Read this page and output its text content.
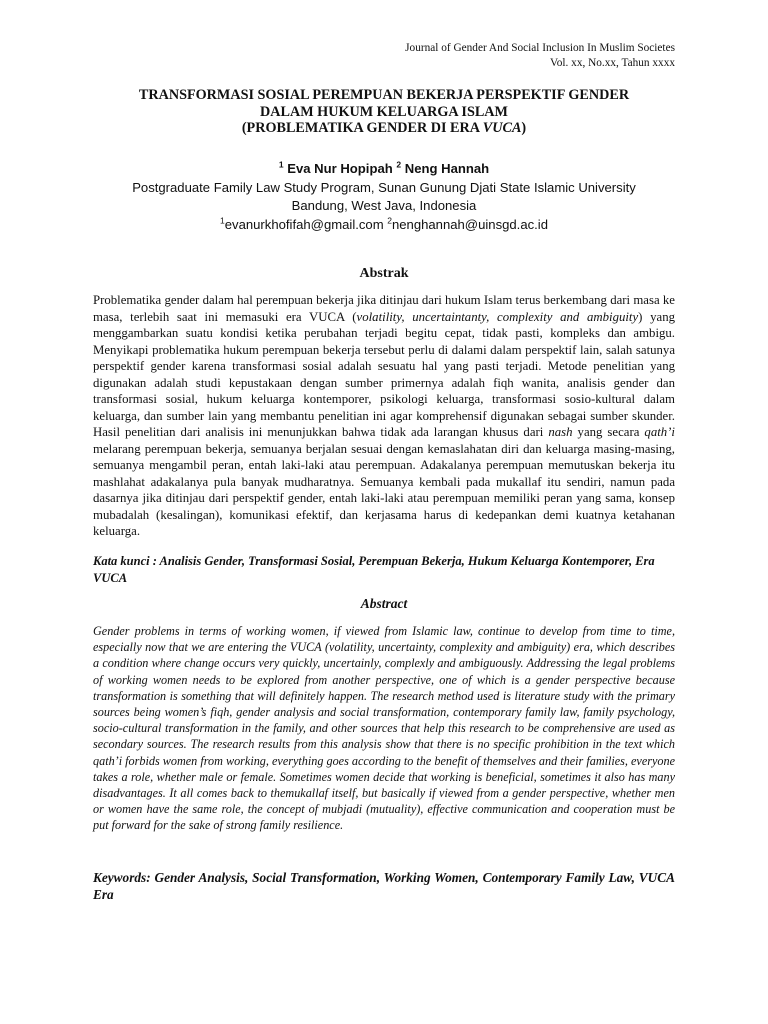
Journal of Gender And Social Inclusion In Muslim Societes
Vol. xx, No.xx, Tahun xxxx
TRANSFORMASI SOSIAL PEREMPUAN BEKERJA PERSPEKTIF GENDER
DALAM HUKUM KELUARGA ISLAM
(PROBLEMATIKA GENDER DI ERA VUCA)
$^1$ Eva Nur Hopipah $^2$ Neng Hannah
Postgraduate Family Law Study Program, Sunan Gunung Djati State Islamic University
Bandung, West Java, Indonesia
$^1$evanurkhofifah@gmail.com $^2$nenghannah@uinsgd.ac.id
Abstrak
Problematika gender dalam hal perempuan bekerja jika ditinjau dari hukum Islam terus berkembang dari masa ke masa, terlebih saat ini memasuki era VUCA (volatility, uncertaintanty, complexity and ambiguity) yang menggambarkan suatu kondisi ketika perubahan terjadi begitu cepat, tidak pasti, kompleks dan ambigu. Menyikapi problematika hukum perempuan bekerja tersebut perlu di dalami dalam perspektif lain, salah satunya perspektif gender karena transformasi sosial adalah sesuatu hal yang pasti terjadi. Metode penelitian yang digunakan adalah studi kepustakaan dengan sumber primernya adalah fiqh wanita, analisis gender dan transformasi sosial, hukum keluarga kontemporer, psikologi keluarga, transformasi sosio-kultural dalam keluarga, dan sumber lain yang membantu penelitian ini agar komprehensif digunakan sebagai sumber skunder. Hasil penelitian dari analisis ini menunjukkan bahwa tidak ada larangan khusus dari nash yang secara qath’i melarang perempuan bekerja, semuanya berjalan sesuai dengan kemaslahatan diri dan keluarga masing-masing, semuanya mengambil peran, entah laki-laki atau perempuan. Adakalanya perempuan memutuskan bekerja itu mashlahat adakalanya pula banyak mudharatnya. Semuanya kembali pada mukallaf itu sendiri, namun pada dasarnya jika ditinjau dari perspektif gender, entah laki-laki atau perempuan memiliki peran yang sama, konsep mubadalah (kesalingan), komunikasi efektif, dan kerjasama harus di kedepankan demi kuatnya ketahanan keluarga.
Kata kunci : Analisis Gender, Transformasi Sosial, Perempuan Bekerja, Hukum Keluarga Kontemporer, Era VUCA
Abstract
Gender problems in terms of working women, if viewed from Islamic law, continue to develop from time to time, especially now that we are entering the VUCA (volatility, uncertainty, complexity and ambiguity) era, which describes a condition where change occurs very quickly, uncertainly, complexly and ambiguously. Addressing the legal problems of working women needs to be explored from another perspective, one of which is a gender perspective because transformation is something that will definitely happen. The research method used is literature study with the primary sources being women’s fiqh, gender analysis and social transformation, contemporary family law, family psychology, socio-cultural transformation in the family, and other sources that help this research to be comprehensive are used as secondary sources. The research results from this analysis show that there is no specific prohibition in the text which qath’i forbids women from working, everything goes according to the benefit of themselves and their families, everyone takes a role, whether male or female. Sometimes women decide that working is beneficial, sometimes it also has many disadvantages. It all comes back to themukallaf itself, but basically if viewed from a gender perspective, whether men or women have the same role, the concept of mubjadi (mutuality), effective communication and cooperation must be put forward for the sake of strong family resilience.
Keywords: Gender Analysis, Social Transformation, Working Women, Contemporary Family Law, VUCA Era
